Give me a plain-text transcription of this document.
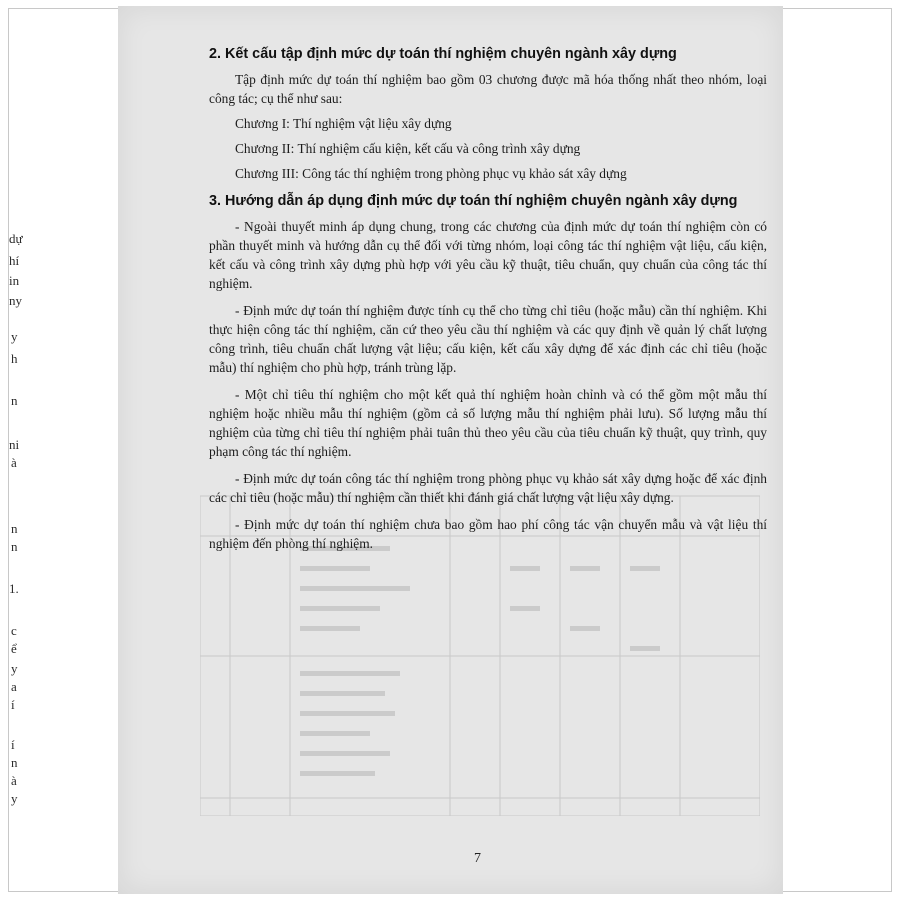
dự
hí
in
ny
y
h
n
ni
à
n
n
1.
c
ể
y
a
í
í
n
à
y
2. Kết cấu tập định mức dự toán thí nghiệm chuyên ngành xây dựng

Tập định mức dự toán thí nghiệm bao gồm 03 chương được mã hóa thống nhất theo nhóm, loại công tác; cụ thể như sau:

Chương I: Thí nghiệm vật liệu xây dựng

Chương II: Thí nghiệm cấu kiện, kết cấu và công trình xây dựng

Chương III: Công tác thí nghiệm trong phòng phục vụ khảo sát xây dựng

3. Hướng dẫn áp dụng định mức dự toán thí nghiệm chuyên ngành xây dựng

- Ngoài thuyết minh áp dụng chung, trong các chương của định mức dự toán thí nghiệm còn có phần thuyết minh và hướng dẫn cụ thể đối với từng nhóm, loại công tác thí nghiệm vật liệu, cấu kiện, kết cấu và công trình xây dựng phù hợp với yêu cầu kỹ thuật, tiêu chuẩn, quy chuẩn của công tác thí nghiệm.

- Định mức dự toán thí nghiệm được tính cụ thể cho từng chỉ tiêu (hoặc mẫu) cần thí nghiệm. Khi thực hiện công tác thí nghiệm, căn cứ theo yêu cầu thí nghiệm và các quy định về quản lý chất lượng công trình, tiêu chuẩn chất lượng vật liệu; cấu kiện, kết cấu xây dựng để xác định các chỉ tiêu (hoặc mẫu) thí nghiệm cho phù hợp, tránh trùng lặp.

- Một chỉ tiêu thí nghiệm cho một kết quả thí nghiệm hoàn chỉnh và có thể gồm một mẫu thí nghiệm hoặc nhiều mẫu thí nghiệm (gồm cả số lượng mẫu thí nghiệm phải lưu). Số lượng mẫu thí nghiệm của từng chỉ tiêu thí nghiệm phải tuân thủ theo yêu cầu của tiêu chuẩn kỹ thuật, quy trình, quy phạm công tác thí nghiệm.

- Định mức dự toán công tác thí nghiệm trong phòng phục vụ khảo sát xây dựng hoặc để xác định các chỉ tiêu (hoặc mẫu) thí nghiệm cần thiết khi đánh giá chất lượng vật liệu xây dựng.

- Định mức dự toán thí nghiệm chưa bao gồm hao phí công tác vận chuyển mẫu và vật liệu thí nghiệm đến phòng thí nghiệm.

7
